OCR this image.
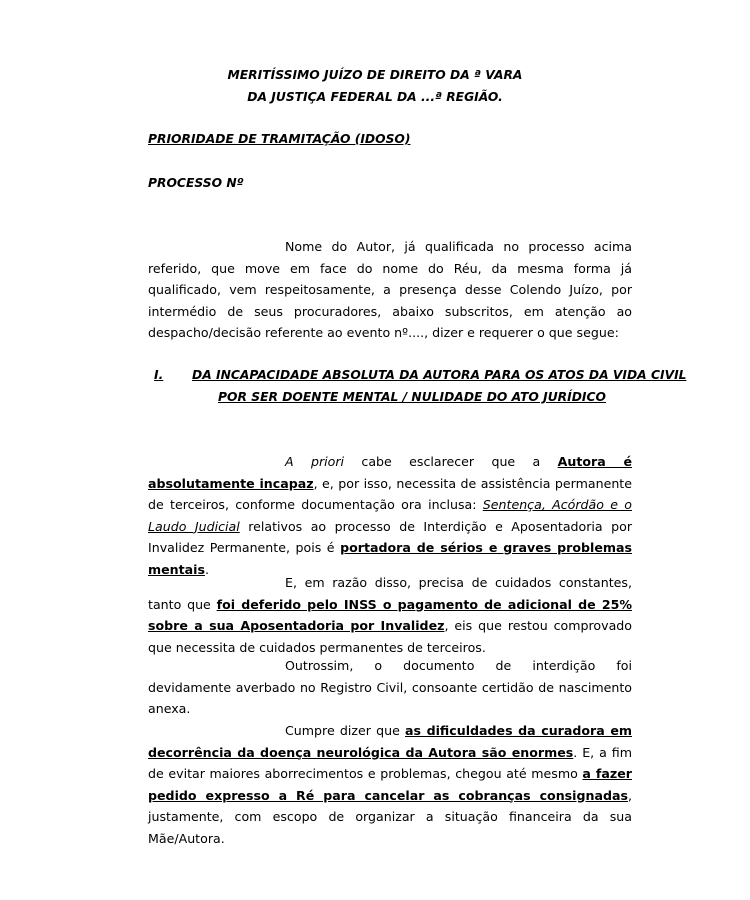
MERITÍSSIMO JUÍZO DE DIREITO DA ª VARA
DA JUSTIÇA FEDERAL DA ...ª REGIÃO.
PRIORIDADE DE TRAMITAÇÃO (IDOSO)
PROCESSO Nº

Nome do Autor, já qualificada no processo acima referido, que move em face do nome do Réu, da mesma forma já qualificado, vem respeitosamente, a presença desse Colendo Juízo, por intermédio de seus procuradores, abaixo subscritos, em atenção ao despacho/decisão referente ao evento nº...., dizer e requerer o que segue:

I. DA INCAPACIDADE ABSOLUTA DA AUTORA PARA OS ATOS DA VIDA CIVIL
POR SER DOENTE MENTAL / NULIDADE DO ATO JURÍDICO

A priori cabe esclarecer que a Autora é absolutamente incapaz, e, por isso, necessita de assistência permanente de terceiros, conforme documentação ora inclusa: Sentença, Acórdão e o Laudo Judicial relativos ao processo de Interdição e Aposentadoria por Invalidez Permanente, pois é portadora de sérios e graves problemas mentais.

E, em razão disso, precisa de cuidados constantes, tanto que foi deferido pelo INSS o pagamento de adicional de 25% sobre a sua Aposentadoria por Invalidez, eis que restou comprovado que necessita de cuidados permanentes de terceiros.

Outrossim, o documento de interdição foi devidamente averbado no Registro Civil, consoante certidão de nascimento anexa.

Cumpre dizer que as dificuldades da curadora em decorrência da doença neurológica da Autora são enormes. E, a fim de evitar maiores aborrecimentos e problemas, chegou até mesmo a fazer pedido expresso a Ré para cancelar as cobranças consignadas, justamente, com escopo de organizar a situação financeira da sua Mãe/Autora.
